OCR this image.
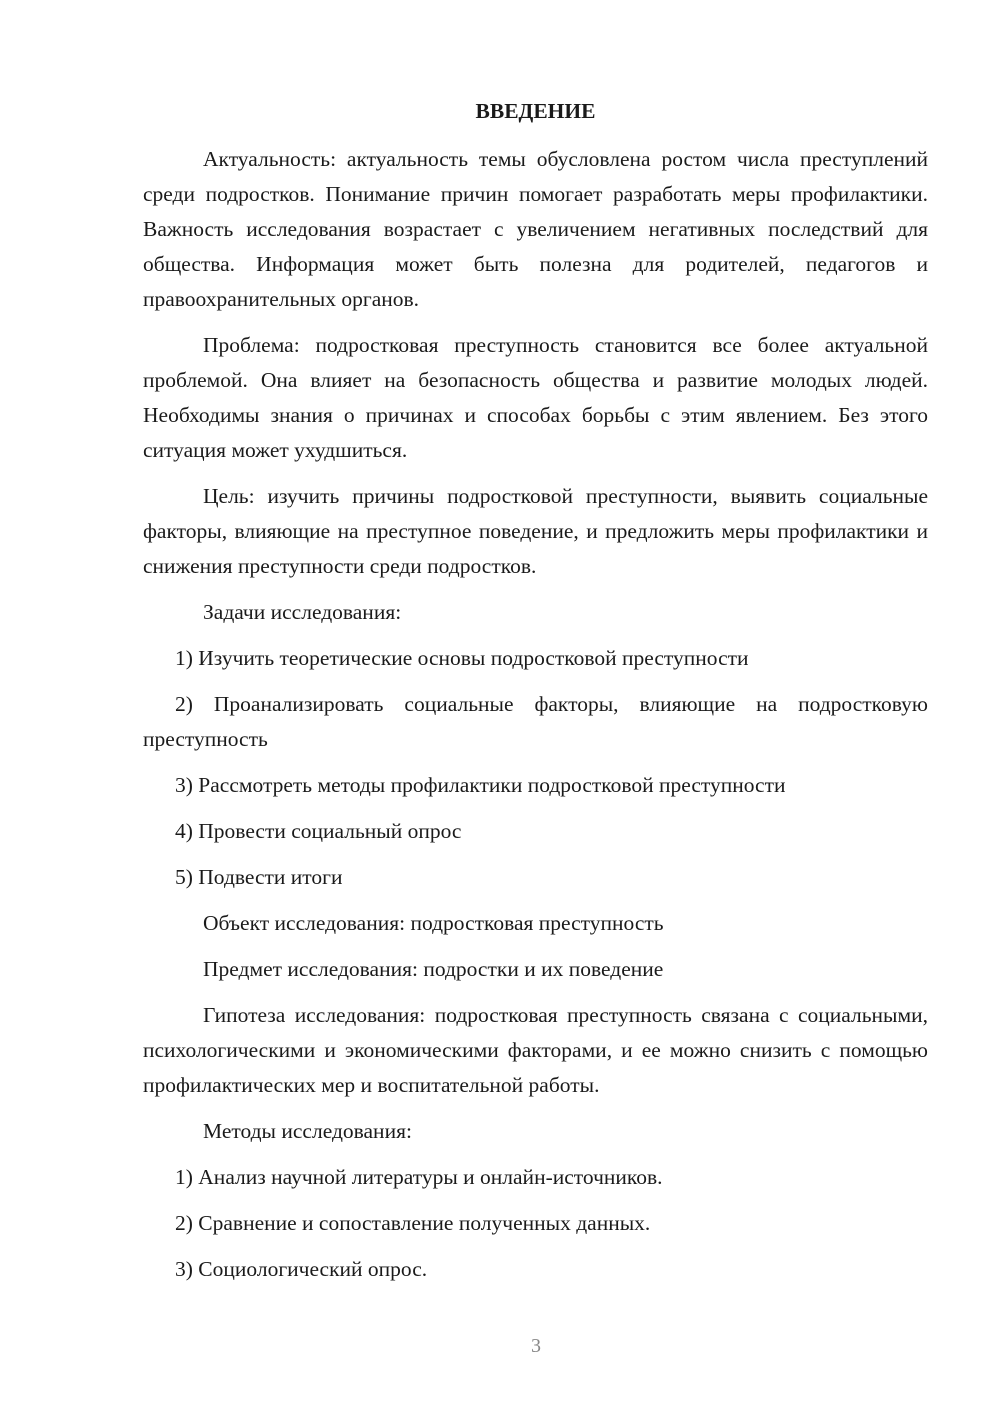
ВВЕДЕНИЕ

Актуальность: актуальность темы обусловлена ростом числа преступлений среди подростков. Понимание причин помогает разработать меры профилактики. Важность исследования возрастает с увеличением негативных последствий для общества. Информация может быть полезна для родителей, педагогов и правоохранительных органов.

Проблема: подростковая преступность становится все более актуальной проблемой. Она влияет на безопасность общества и развитие молодых людей. Необходимы знания о причинах и способах борьбы с этим явлением. Без этого ситуация может ухудшиться.

Цель: изучить причины подростковой преступности, выявить социальные факторы, влияющие на преступное поведение, и предложить меры профилактики и снижения преступности среди подростков.

Задачи исследования:

1) Изучить теоретические основы подростковой преступности

2) Проанализировать социальные факторы, влияющие на подростковую преступность

3) Рассмотреть методы профилактики подростковой преступности

4) Провести социальный опрос

5) Подвести итоги

Объект исследования: подростковая преступность

Предмет исследования: подростки и их поведение

Гипотеза исследования: подростковая преступность связана с социальными, психологическими и экономическими факторами, и ее можно снизить с помощью профилактических мер и воспитательной работы.

Методы исследования:

1) Анализ научной литературы и онлайн-источников.

2) Сравнение и сопоставление полученных данных.

3) Социологический опрос.

3
